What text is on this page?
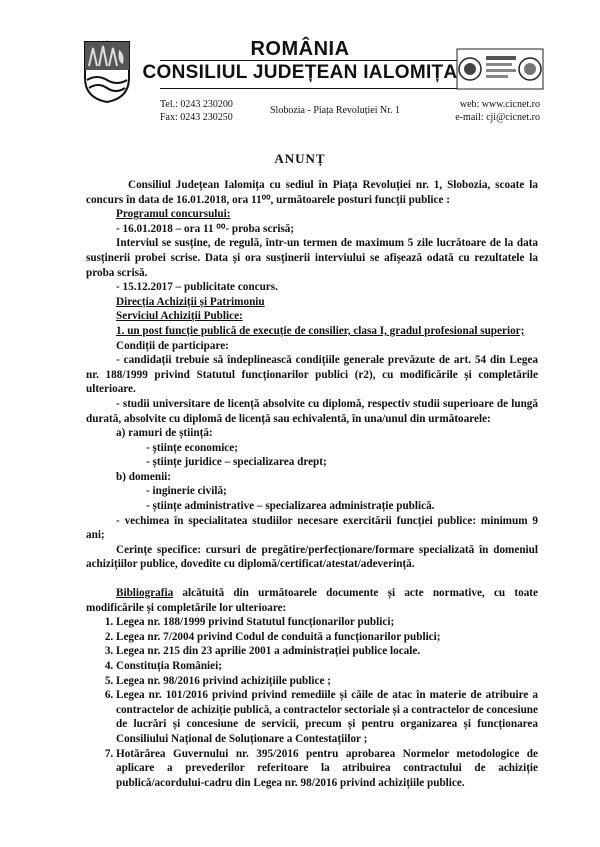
ROMÂNIA
CONSILIUL JUDEȚEAN IALOMIȚA
Tel.: 0243 230200
Fax: 0243 230250
Slobozia - Piața Revoluției Nr. 1
web: www.cicnet.ro
e-mail: cji@cicnet.ro
ANUNȚ

Consiliul Județean Ialomița cu sediul în Piața Revoluției nr. 1, Slobozia, scoate la concurs în data de 16.01.2018, ora 11⁰⁰, următoarele posturi funcții publice :

Programul concursului:

- 16.01.2018 – ora 11 ⁰⁰- proba scrisă;

Interviul se susține, de regulă, într-un termen de maximum 5 zile lucrătoare de la data susținerii probei scrise. Data și ora susținerii interviului se afișează odată cu rezultatele la proba scrisă.

- 15.12.2017 – publicitate concurs.

Direcția Achiziții și Patrimoniu

Serviciul Achiziții Publice:

1. un post funcție publică de execuție de consilier, clasa I, gradul profesional superior;

Condiții de participare:

- candidații trebuie să îndeplinească condițiile generale prevăzute de art. 54 din Legea nr. 188/1999 privind Statutul funcționarilor publici (r2), cu modificările și completările ulterioare.

- studii universitare de licență absolvite cu diplomă, respectiv studii superioare de lungă durată, absolvite cu diplomă de licență sau echivalentă, în una/unul din următoarele:

a) ramuri de știință:

- științe economice;

- științe juridice – specializarea drept;

b) domenii:

- inginerie civilă;

- științe administrative – specializarea administrație publică.

- vechimea în specialitatea studiilor necesare exercitării funcției publice: minimum 9 ani;

Cerințe specifice: cursuri de pregătire/perfecționare/formare specializată în domeniul achizițiilor publice, dovedite cu diplomă/certificat/atestat/adeverință.

Bibliografia alcătuită din următoarele documente și acte normative, cu toate modificările și completările lor ulterioare:

1. Legea nr. 188/1999 privind Statutul funcționarilor publici;
2. Legea nr. 7/2004 privind Codul de conduită a funcționarilor publici;
3. Legea nr. 215 din 23 aprilie 2001 a administrației publice locale.
4. Constituția României;
5. Legea nr. 98/2016 privind achizițiile publice ;
6. Legea nr. 101/2016 privind privind remediile și căile de atac în materie de atribuire a contractelor de achiziție publică, a contractelor sectoriale și a contractelor de concesiune de lucrări și concesiune de servicii, precum și pentru organizarea și funcționarea Consiliului Național de Soluționare a Contestațiilor ;
7. Hotărârea Guvernului nr. 395/2016 pentru aprobarea Normelor metodologice de aplicare a prevederilor referitoare la atribuirea contractului de achiziție publică/acordului-cadru din Legea nr. 98/2016 privind achizițiile publice.
